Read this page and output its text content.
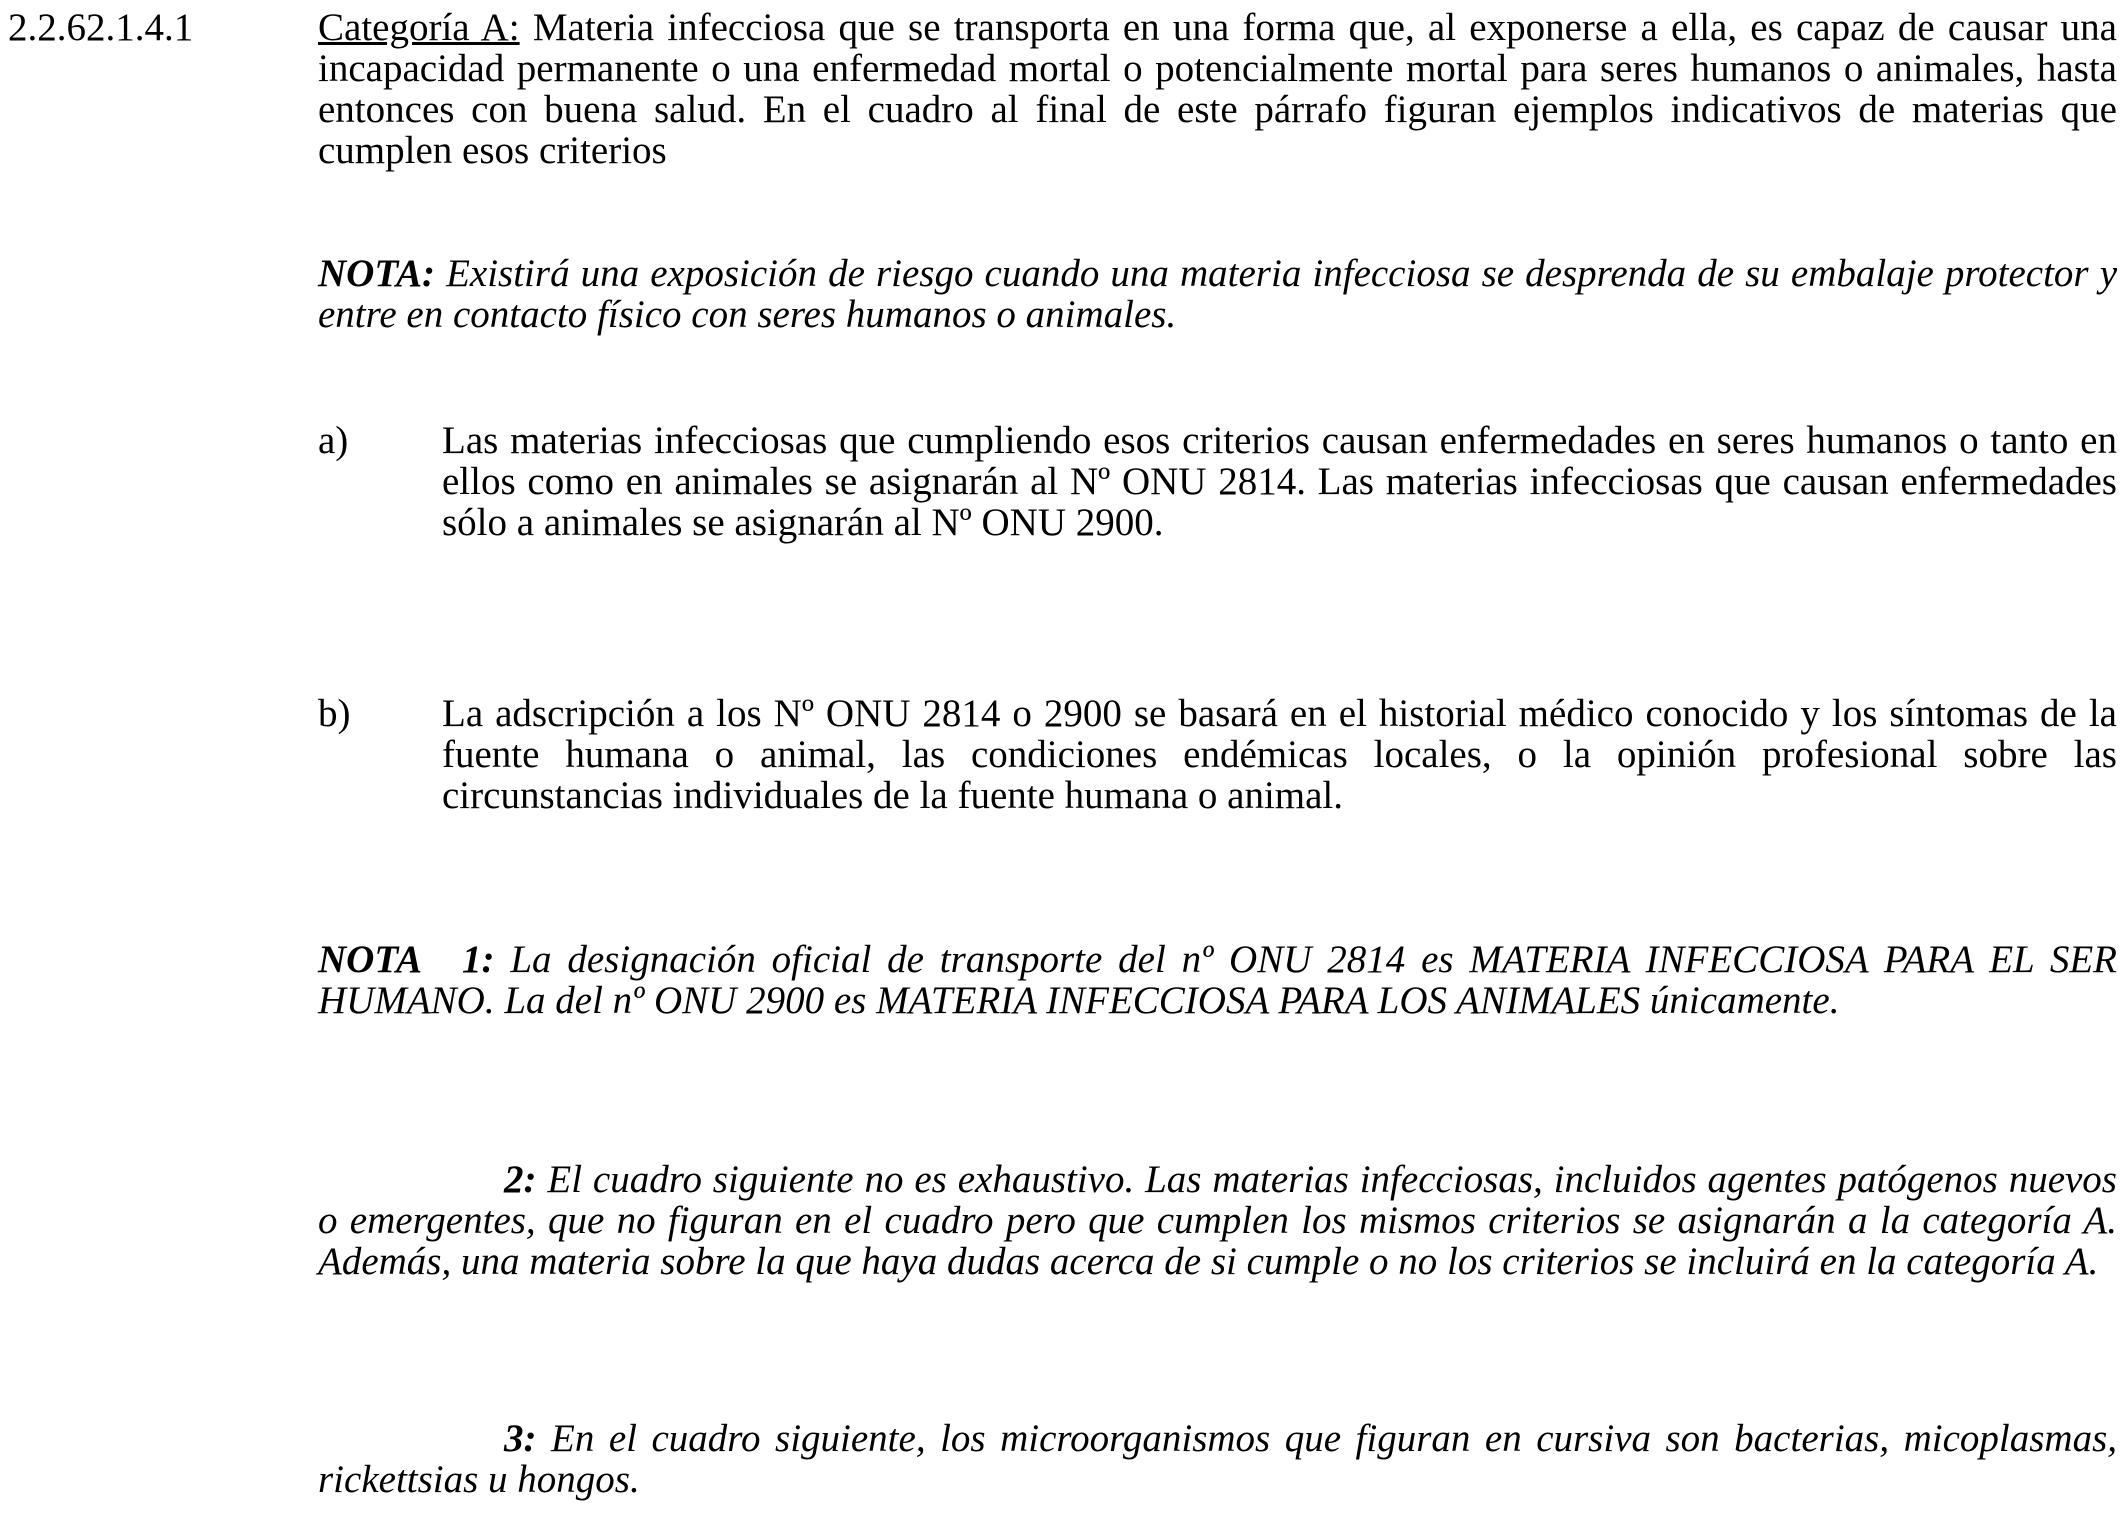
2.2.62.1.4.1	Categoría A: Materia infecciosa que se transporta en una forma que, al exponerse a ella, es capaz de causar una incapacidad permanente o una enfermedad mortal o potencialmente mortal para seres humanos o animales, hasta entonces con buena salud. En el cuadro al final de este párrafo figuran ejemplos indicativos de materias que cumplen esos criterios
NOTA: Existirá una exposición de riesgo cuando una materia infecciosa se desprenda de su embalaje protector y entre en contacto físico con seres humanos o animales.
a) Las materias infecciosas que cumpliendo esos criterios causan enfermedades en seres humanos o tanto en ellos como en animales se asignarán al Nº ONU 2814. Las materias infecciosas que causan enfermedades sólo a animales se asignarán al Nº ONU 2900.
b) La adscripción a los Nº ONU 2814 o 2900 se basará en el historial médico conocido y los síntomas de la fuente humana o animal, las condiciones endémicas locales, o la opinión profesional sobre las circunstancias individuales de la fuente humana o animal.
NOTA 1: La designación oficial de transporte del nº ONU 2814 es MATERIA INFECCIOSA PARA EL SER HUMANO. La del nº ONU 2900 es MATERIA INFECCIOSA PARA LOS ANIMALES únicamente.
2: El cuadro siguiente no es exhaustivo. Las materias infecciosas, incluidos agentes patógenos nuevos o emergentes, que no figuran en el cuadro pero que cumplen los mismos criterios se asignarán a la categoría A. Además, una materia sobre la que haya dudas acerca de si cumple o no los criterios se incluirá en la categoría A.
3: En el cuadro siguiente, los microorganismos que figuran en cursiva son bacterias, micoplasmas, rickettsias u hongos.
